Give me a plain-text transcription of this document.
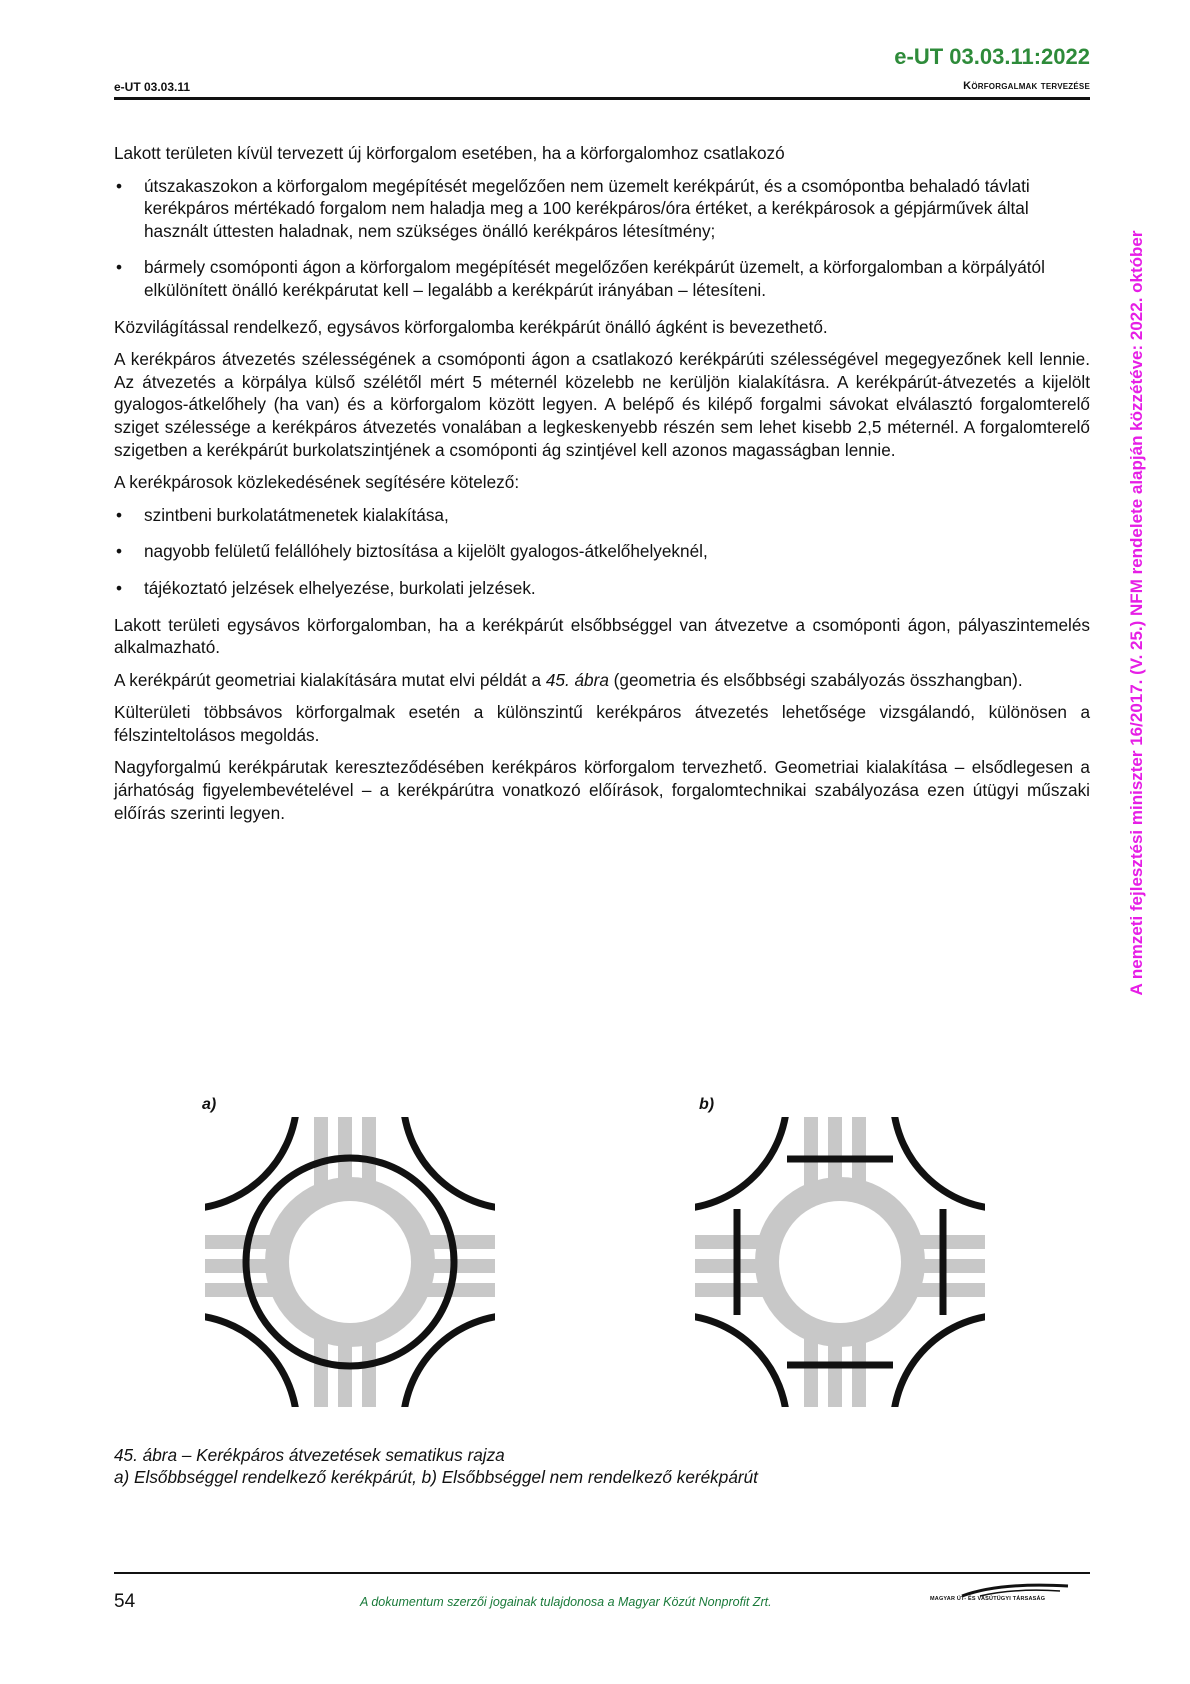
e-UT 03.03.11:2022
e-UT 03.03.11	Körforgalmak tervezése
A nemzeti fejlesztési miniszter 16/2017. (V. 25.) NFM rendelete alapján közzétéve: 2022. október

Lakott területen kívül tervezett új körforgalom esetében, ha a körforgalomhoz csatlakozó

• útszakaszokon a körforgalom megépítését megelőzően nem üzemelt kerékpárút, és a csomópontba behaladó távlati kerékpáros mértékadó forgalom nem haladja meg a 100 kerékpáros/óra értéket, a kerékpárosok a gépjárművek által használt úttesten haladnak, nem szükséges önálló kerékpáros létesítmény;
• bármely csomóponti ágon a körforgalom megépítését megelőzően kerékpárút üzemelt, a körforgalomban a körpályától elkülönített önálló kerékpárutat kell – legalább a kerékpárút irányában – létesíteni.

Közvilágítással rendelkező, egysávos körforgalomba kerékpárút önálló ágként is bevezethető.

A kerékpáros átvezetés szélességének a csomóponti ágon a csatlakozó kerékpárúti szélességével megegyezőnek kell lennie. Az átvezetés a körpálya külső szélétől mért 5 méternél közelebb ne kerüljön kialakításra. A kerékpárút-átvezetés a kijelölt gyalogos-átkelőhely (ha van) és a körforgalom között legyen. A belépő és kilépő forgalmi sávokat elválasztó forgalomterelő sziget szélessége a kerékpáros átvezetés vonalában a legkeskenyebb részén sem lehet kisebb 2,5 méternél. A forgalomterelő szigetben a kerékpárút burkolatszintjének a csomóponti ág szintjével kell azonos magasságban lennie.

A kerékpárosok közlekedésének segítésére kötelező:

• szintbeni burkolatátmenetek kialakítása,
• nagyobb felületű felállóhely biztosítása a kijelölt gyalogos-átkelőhelyeknél,
• tájékoztató jelzések elhelyezése, burkolati jelzések.

Lakott területi egysávos körforgalomban, ha a kerékpárút elsőbbséggel van átvezetve a csomóponti ágon, pályaszintemelés alkalmazható.

A kerékpárút geometriai kialakítására mutat elvi példát a 45. ábra (geometria és elsőbbségi szabályozás összhangban).

Külterületi többsávos körforgalmak esetén a különszintű kerékpáros átvezetés lehetősége vizsgálandó, különösen a félszinteltolásos megoldás.

Nagyforgalmú kerékpárutak kereszteződésében kerékpáros körforgalom tervezhető. Geometriai kialakítása – elsődlegesen a járhatóság figyelembevételével – a kerékpárútra vonatkozó előírások, forgalomtechnikai szabályozása ezen útügyi műszaki előírás szerinti legyen.

a)	b)
45. ábra – Kerékpáros átvezetések sematikus rajza
a) Elsőbbséggel rendelkező kerékpárút, b) Elsőbbséggel nem rendelkező kerékpárút
54	A dokumentum szerzői jogainak tulajdonosa a Magyar Közút Nonprofit Zrt.	MAGYAR ÚT- ÉS VASÚTÜGYI TÁRSASÁG
